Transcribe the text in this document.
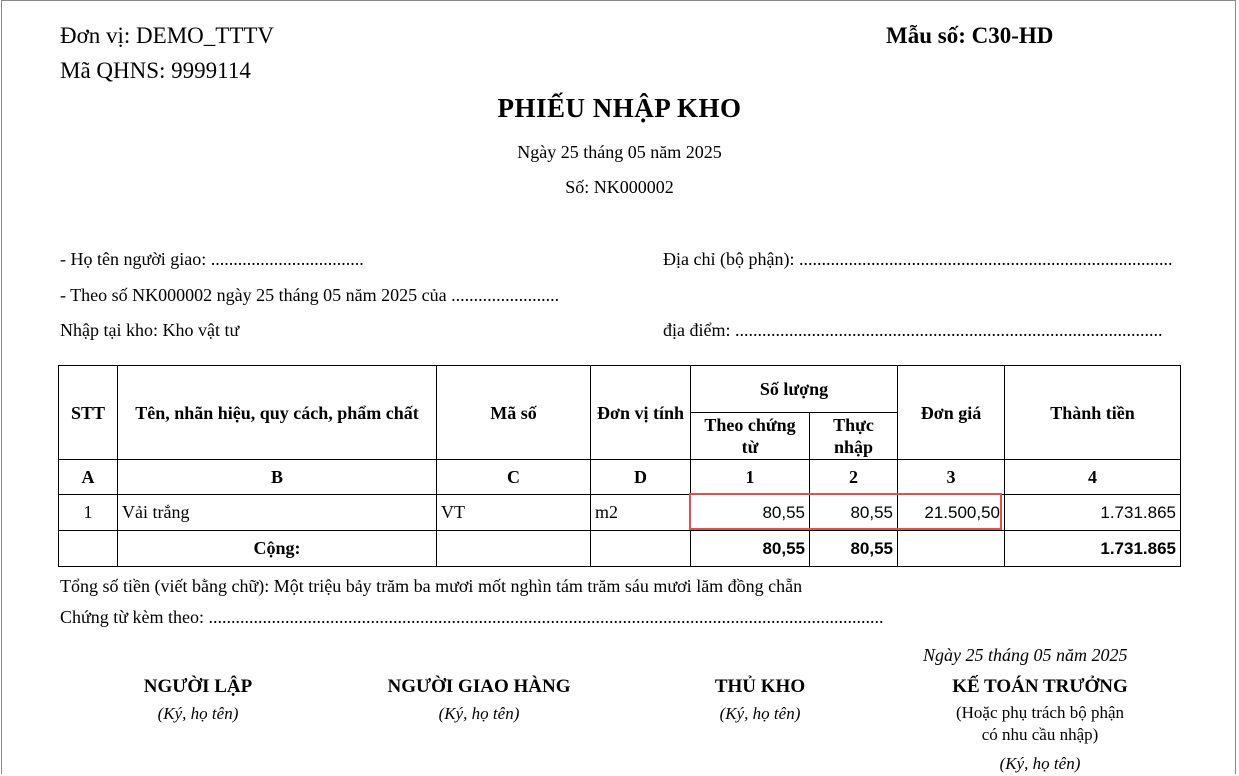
Đơn vị: DEMO_TTTV
Mã QHNS: 9999114
Mẫu số: C30-HD
PHIẾU NHẬP KHO
Ngày 25 tháng 05 năm 2025
Số: NK000002
- Họ tên người giao: ..................................	Địa chỉ (bộ phận): ...................................................................................
- Theo số NK000002 ngày 25 tháng 05 năm 2025 của ........................
Nhập tại kho: Kho vật tư	địa điểm: ...............................................................................................
STT	Tên, nhãn hiệu, quy cách, phẩm chất	Mã số	Đơn vị tính	Số lượng		Đơn giá	Thành tiền
				Theo chứng từ	Thực nhập		
A	B	C	D	1	2	3	4
1	Vải trắng	VT	m2	80,55	80,55	21.500,50	1.731.865
	Cộng:			80,55	80,55		1.731.865
Tổng số tiền (viết bằng chữ): Một triệu bảy trăm ba mươi mốt nghìn tám trăm sáu mươi lăm đồng chẵn
Chứng từ kèm theo: ......................................................................................................................................................
Ngày 25 tháng 05 năm 2025
NGƯỜI LẬP
(Ký, họ tên)
NGƯỜI GIAO HÀNG
(Ký, họ tên)
THỦ KHO
(Ký, họ tên)
KẾ TOÁN TRƯỞNG
(Hoặc phụ trách bộ phận
có nhu cầu nhập)
(Ký, họ tên)
